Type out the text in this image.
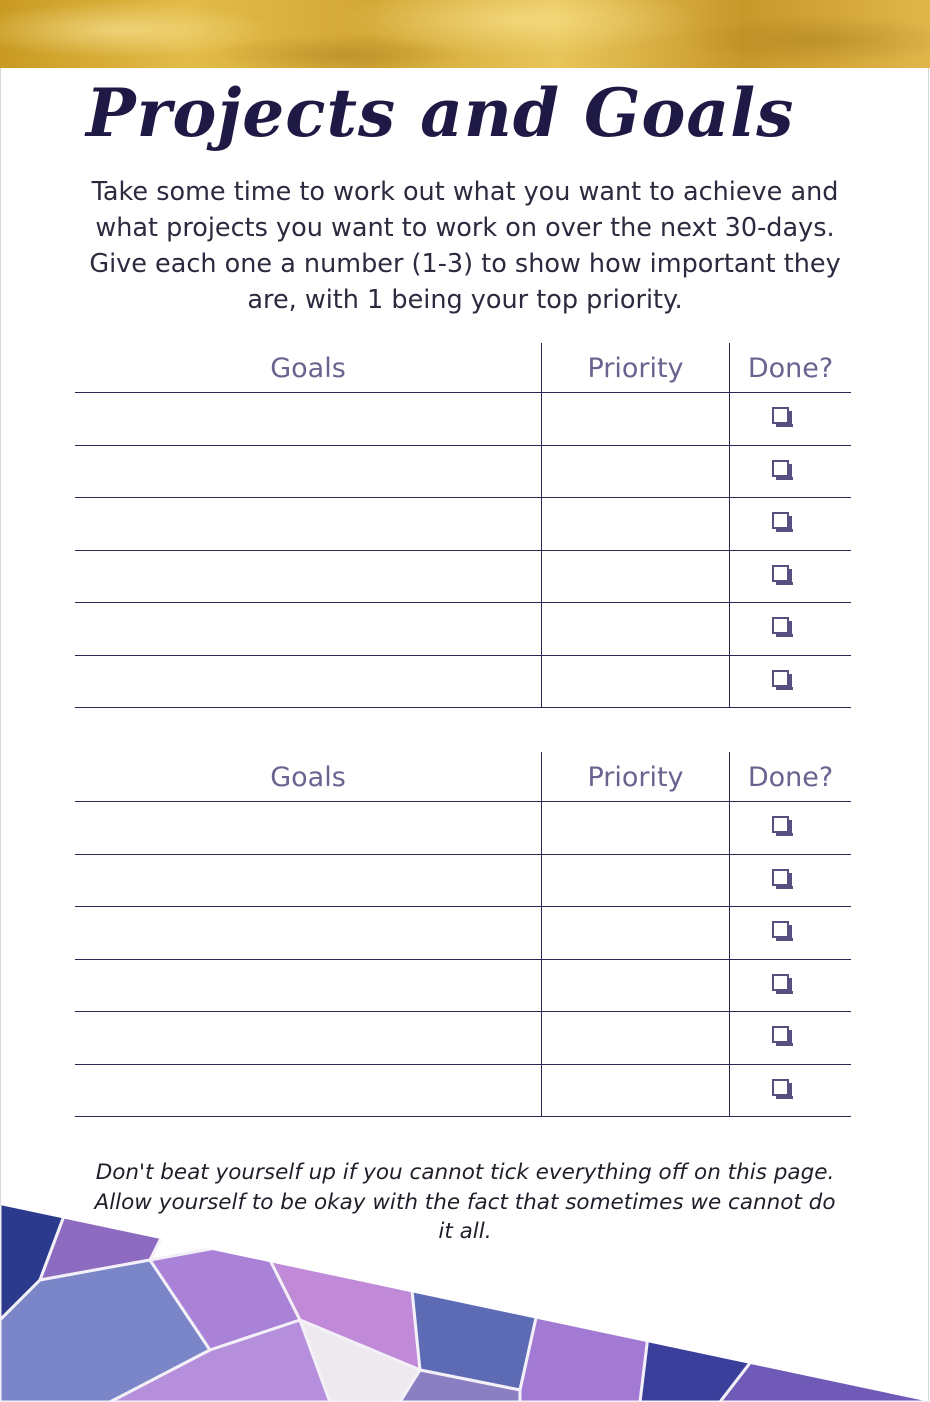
Projects and Goals

Take some time to work out what you want to achieve and what projects you want to work on over the next 30-days. Give each one a number (1-3) to show how important they are, with 1 being your top priority.

Goals	Priority	Done?
Goals	Priority	Done?

Don't beat yourself up if you cannot tick everything off on this page. Allow yourself to be okay with the fact that sometimes we cannot do it all.
